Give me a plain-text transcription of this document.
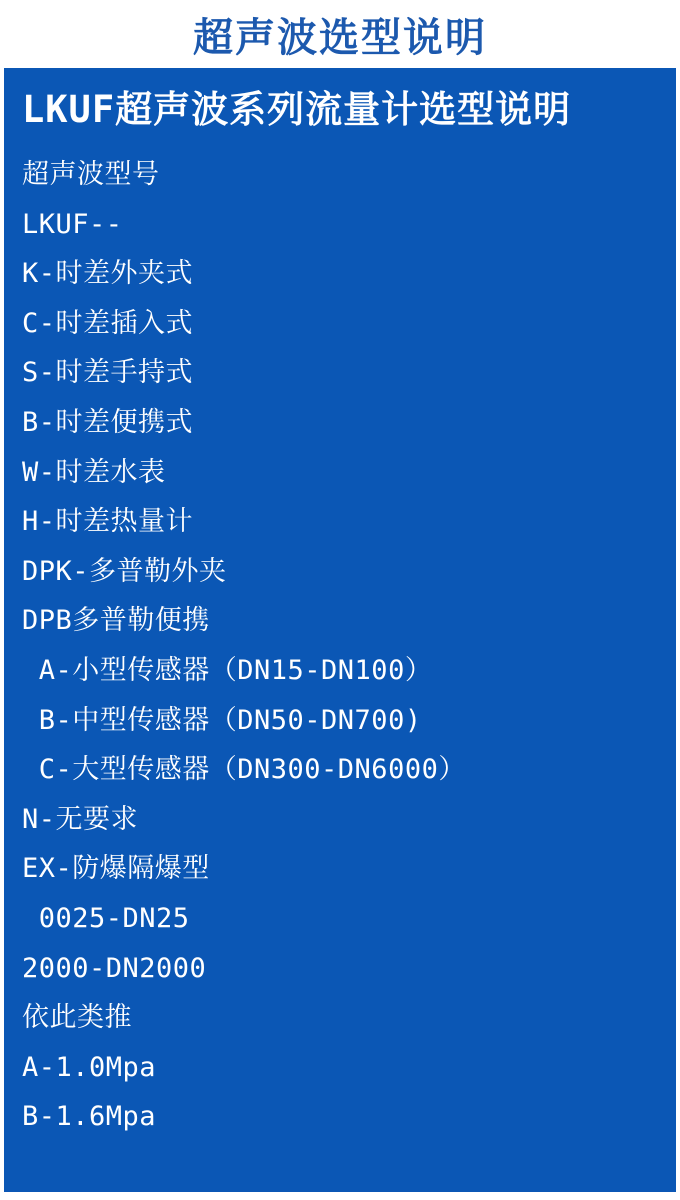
超声波选型说明
LKUF超声波系列流量计选型说明
超声波型号
LKUF--
K-时差外夹式
C-时差插入式
S-时差手持式
B-时差便携式
W-时差水表
H-时差热量计
DPK-多普勒外夹
DPB多普勒便携
A-小型传感器（DN15-DN100）
B-中型传感器（DN50-DN700)
C-大型传感器（DN300-DN6000）
N-无要求
EX-防爆隔爆型
0025-DN25
2000-DN2000
依此类推
A-1.0Mpa
B-1.6Mpa
